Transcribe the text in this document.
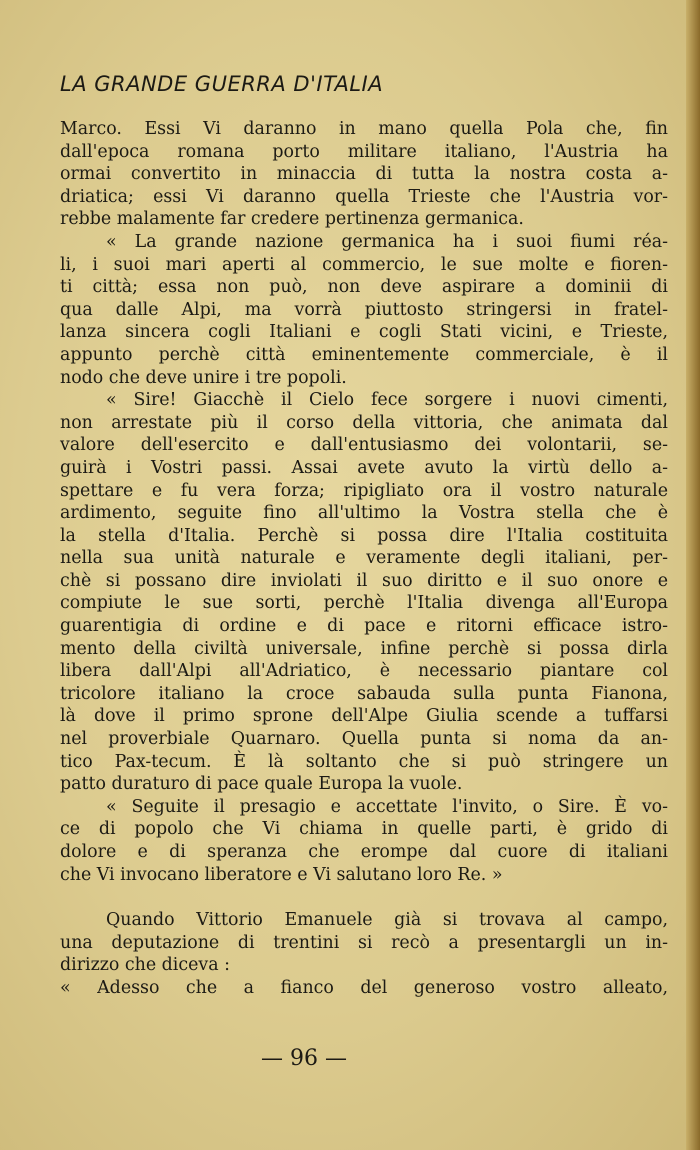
LA GRANDE GUERRA D'ITALIA
Marco. Essi Vi daranno in mano quella Pola che, fin
dall'epoca romana porto militare italiano, l'Austria ha
ormai convertito in minaccia di tutta la nostra costa a-
driatica; essi Vi daranno quella Trieste che l'Austria vor-
rebbe malamente far credere pertinenza germanica.
« La grande nazione germanica ha i suoi fiumi réa-
li, i suoi mari aperti al commercio, le sue molte e fioren-
ti città; essa non può, non deve aspirare a dominii di
qua dalle Alpi, ma vorrà piuttosto stringersi in fratel-
lanza sincera cogli Italiani e cogli Stati vicini, e Trieste,
appunto perchè città eminentemente commerciale, è il
nodo che deve unire i tre popoli.
« Sire! Giacchè il Cielo fece sorgere i nuovi cimenti,
non arrestate più il corso della vittoria, che animata dal
valore dell'esercito e dall'entusiasmo dei volontarii, se-
guirà i Vostri passi. Assai avete avuto la virtù dello a-
spettare e fu vera forza; ripigliato ora il vostro naturale
ardimento, seguite fino all'ultimo la Vostra stella che è
la stella d'Italia. Perchè si possa dire l'Italia costituita
nella sua unità naturale e veramente degli italiani, per-
chè si possano dire inviolati il suo diritto e il suo onore e
compiute le sue sorti, perchè l'Italia divenga all'Europa
guarentigia di ordine e di pace e ritorni efficace istro-
mento della civiltà universale, infine perchè si possa dirla
libera dall'Alpi all'Adriatico, è necessario piantare col
tricolore italiano la croce sabauda sulla punta Fianona,
là dove il primo sprone dell'Alpe Giulia scende a tuffarsi
nel proverbiale Quarnaro. Quella punta si noma da an-
tico Pax-tecum. È là soltanto che si può stringere un
patto duraturo di pace quale Europa la vuole.
« Seguite il presagio e accettate l'invito, o Sire. È vo-
ce di popolo che Vi chiama in quelle parti, è grido di
dolore e di speranza che erompe dal cuore di italiani
che Vi invocano liberatore e Vi salutano loro Re. »
Quando Vittorio Emanuele già si trovava al campo,
una deputazione di trentini si recò a presentargli un in-
dirizzo che diceva :
« Adesso che a fianco del generoso vostro alleato,
— 96 —
